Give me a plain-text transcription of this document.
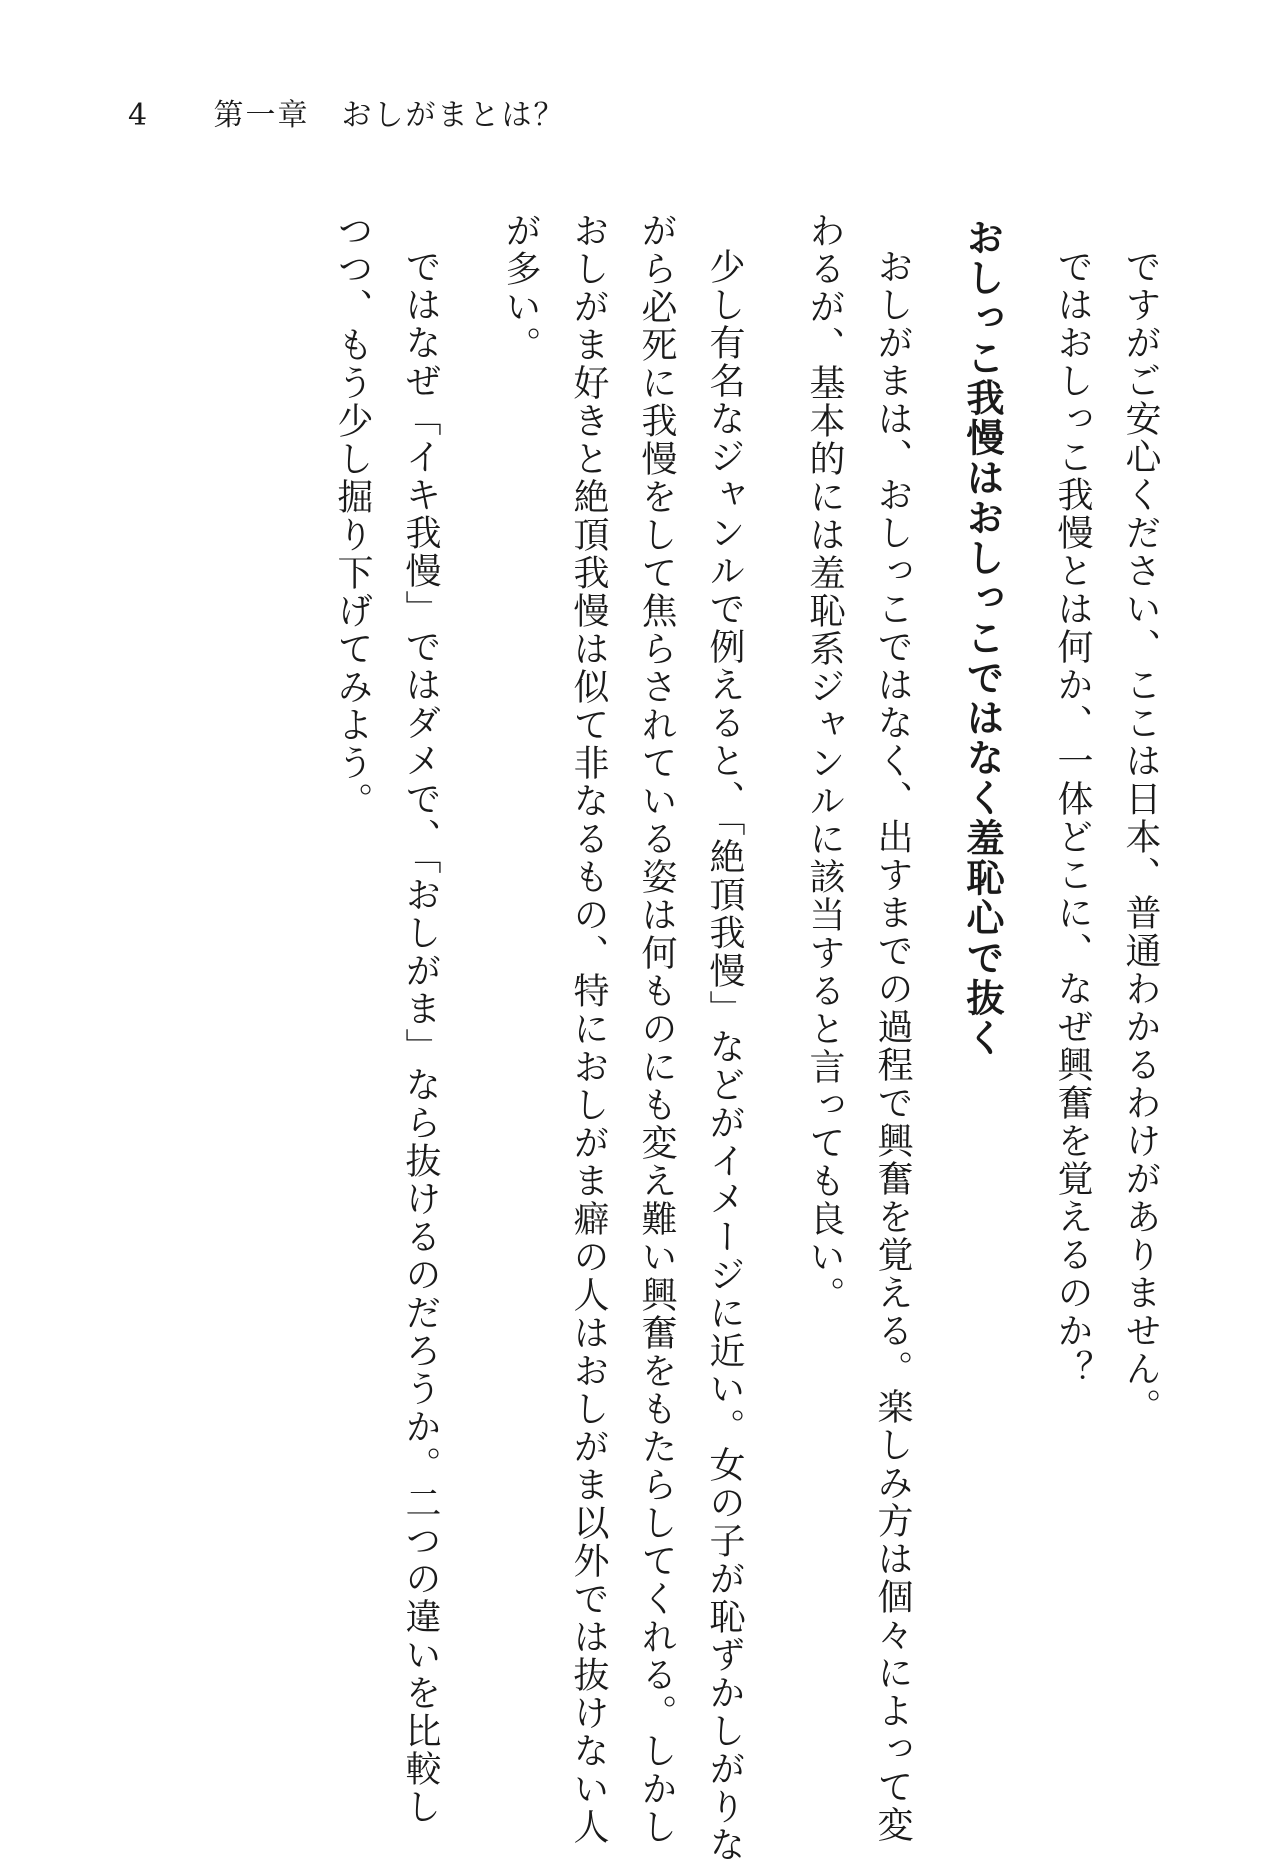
4 第一章　おしがまとは？
ですがご安心ください、ここは日本、普通わかるわけがありません。
ではおしっこ我慢とは何か、一体どこに、なぜ興奮を覚えるのか？
おしっこ我慢はおしっこではなく羞恥心で抜く
おしがまは、おしっこではなく、出すまでの過程で興奮を覚える。楽しみ方は個々によって変
わるが、基本的には羞恥系ジャンルに該当すると言っても良い。
少し有名なジャンルで例えると、「絶頂我慢」などがイメージに近い。女の子が恥ずかしがりな
がら必死に我慢をして焦らされている姿は何ものにも変え難い興奮をもたらしてくれる。しかし
おしがま好きと絶頂我慢は似て非なるもの、特におしがま癖の人はおしがま以外では抜けない人
が多い。
ではなぜ「イキ我慢」ではダメで、「おしがま」なら抜けるのだろうか。二つの違いを比較し
つつ、もう少し掘り下げてみよう。
